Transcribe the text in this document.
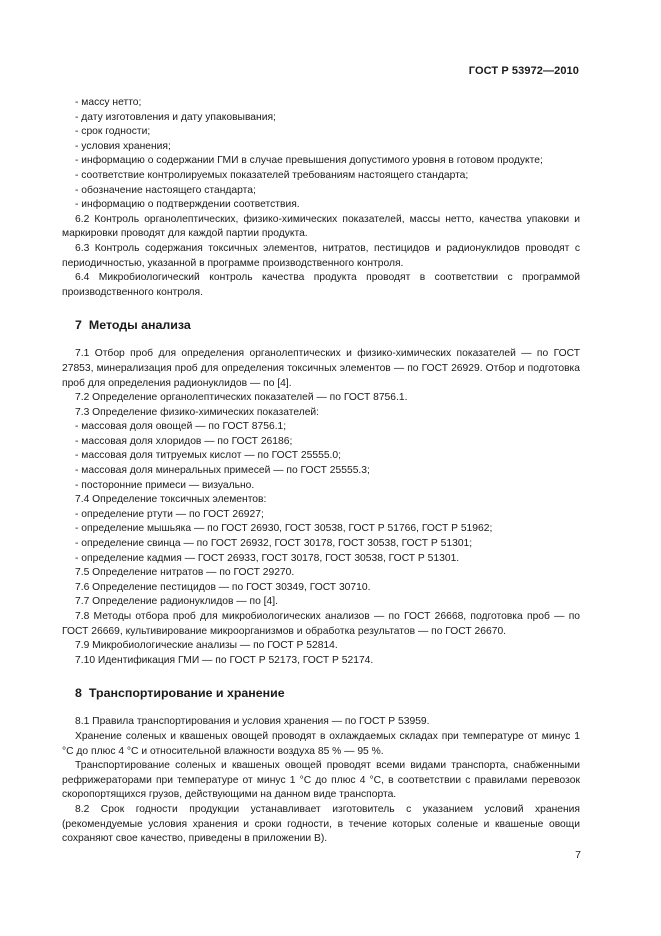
ГОСТ Р 53972—2010

- массу нетто;

- дату изготовления и дату упаковывания;

- срок годности;

- условия хранения;

- информацию о содержании ГМИ в случае превышения допустимого уровня в готовом продукте;

- соответствие контролируемых показателей требованиям настоящего стандарта;

- обозначение настоящего стандарта;

- информацию о подтверждении соответствия.

6.2 Контроль органолептических, физико-химических показателей, массы нетто, качества упаковки и маркировки проводят для каждой партии продукта.

6.3 Контроль содержания токсичных элементов, нитратов, пестицидов и радионуклидов проводят с периодичностью, указанной в программе производственного контроля.

6.4 Микробиологический контроль качества продукта проводят в соответствии с программой производственного контроля.

7 Методы анализа

7.1 Отбор проб для определения органолептических и физико-химических показателей — по ГОСТ 27853, минерализация проб для определения токсичных элементов — по ГОСТ 26929. Отбор и подготовка проб для определения радионуклидов — по [4].

7.2 Определение органолептических показателей — по ГОСТ 8756.1.

7.3 Определение физико-химических показателей:

- массовая доля овощей — по ГОСТ 8756.1;

- массовая доля хлоридов — по ГОСТ 26186;

- массовая доля титруемых кислот — по ГОСТ 25555.0;

- массовая доля минеральных примесей — по ГОСТ 25555.3;

- посторонние примеси — визуально.

7.4 Определение токсичных элементов:

- определение ртути — по ГОСТ 26927;

- определение мышьяка — по ГОСТ 26930, ГОСТ 30538, ГОСТ Р 51766, ГОСТ Р 51962;

- определение свинца — по ГОСТ 26932, ГОСТ 30178, ГОСТ 30538, ГОСТ Р 51301;

- определение кадмия — ГОСТ 26933, ГОСТ 30178, ГОСТ 30538, ГОСТ Р 51301.

7.5 Определение нитратов — по ГОСТ 29270.

7.6 Определение пестицидов — по ГОСТ 30349, ГОСТ 30710.

7.7 Определение радионуклидов — по [4].

7.8 Методы отбора проб для микробиологических анализов — по ГОСТ 26668, подготовка проб — по ГОСТ 26669, культивирование микроорганизмов и обработка результатов — по ГОСТ 26670.

7.9 Микробиологические анализы — по ГОСТ Р 52814.

7.10 Идентификация ГМИ — по ГОСТ Р 52173, ГОСТ Р 52174.

8 Транспортирование и хранение

8.1 Правила транспортирования и условия хранения — по ГОСТ Р 53959.

Хранение соленых и квашеных овощей проводят в охлаждаемых складах при температуре от минус 1 °С до плюс 4 °С и относительной влажности воздуха 85 % — 95 %.

Транспортирование соленых и квашеных овощей проводят всеми видами транспорта, снабженными рефрижераторами при температуре от минус 1 °С до плюс 4 °С, в соответствии с правилами перевозок скоропортящихся грузов, действующими на данном виде транспорта.

8.2 Срок годности продукции устанавливает изготовитель с указанием условий хранения (рекомендуемые условия хранения и сроки годности, в течение которых соленые и квашеные овощи сохраняют свое качество, приведены в приложении В).

7
